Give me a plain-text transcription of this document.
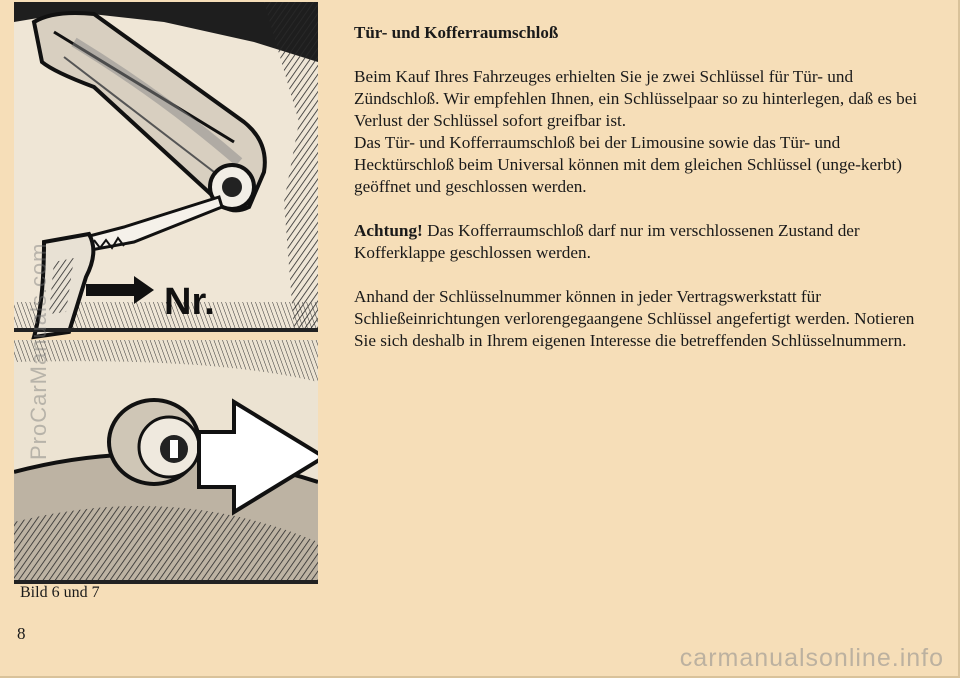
Nr.
ProCarManuals.com
Bild 6 und 7
8
Tür- und Kofferraumschloß

Beim Kauf Ihres Fahrzeuges erhielten Sie je zwei Schlüssel für Tür- und Zündschloß. Wir empfehlen Ihnen, ein Schlüsselpaar so zu hinterlegen, daß es bei Verlust der Schlüssel sofort greifbar ist.

Das Tür- und Kofferraumschloß bei der Limousine sowie das Tür- und Hecktürschloß beim Universal können mit dem gleichen Schlüssel (unge-kerbt) geöffnet und geschlossen werden.

Achtung! Das Kofferraumschloß darf nur im verschlossenen Zustand der Kofferklappe geschlossen werden.

Anhand der Schlüsselnummer können in jeder Vertragswerkstatt für Schließeinrichtungen verlorengegaangene Schlüssel angefertigt werden. Notieren Sie sich deshalb in Ihrem eigenen Interesse die betreffenden Schlüsselnummern.

carmanualsonline.info
